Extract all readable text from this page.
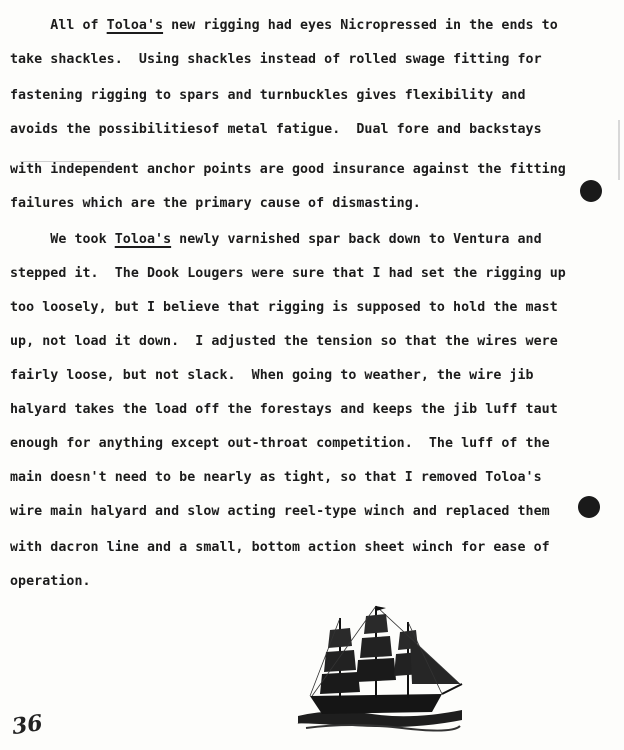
All of Toloa's new rigging had eyes Nicropressed in the ends to
take shackles.  Using shackles instead of rolled swage fitting for
fastening rigging to spars and turnbuckles gives flexibility and
avoids the possibilitiesof metal fatigue.  Dual fore and backstays
with independent anchor points are good insurance against the fitting
failures which are the primary cause of dismasting.
We took Toloa's newly varnished spar back down to Ventura and
stepped it.  The Dook Lougers were sure that I had set the rigging up
too loosely, but I believe that rigging is supposed to hold the mast
up, not load it down.  I adjusted the tension so that the wires were
fairly loose, but not slack.  When going to weather, the wire jib
halyard takes the load off the forestays and keeps the jib luff taut
enough for anything except out-throat competition.  The luff of the
main doesn't need to be nearly as tight, so that I removed Toloa's
wire main halyard and slow acting reel-type winch and replaced them
with dacron line and a small, bottom action sheet winch for ease of
operation.
36
